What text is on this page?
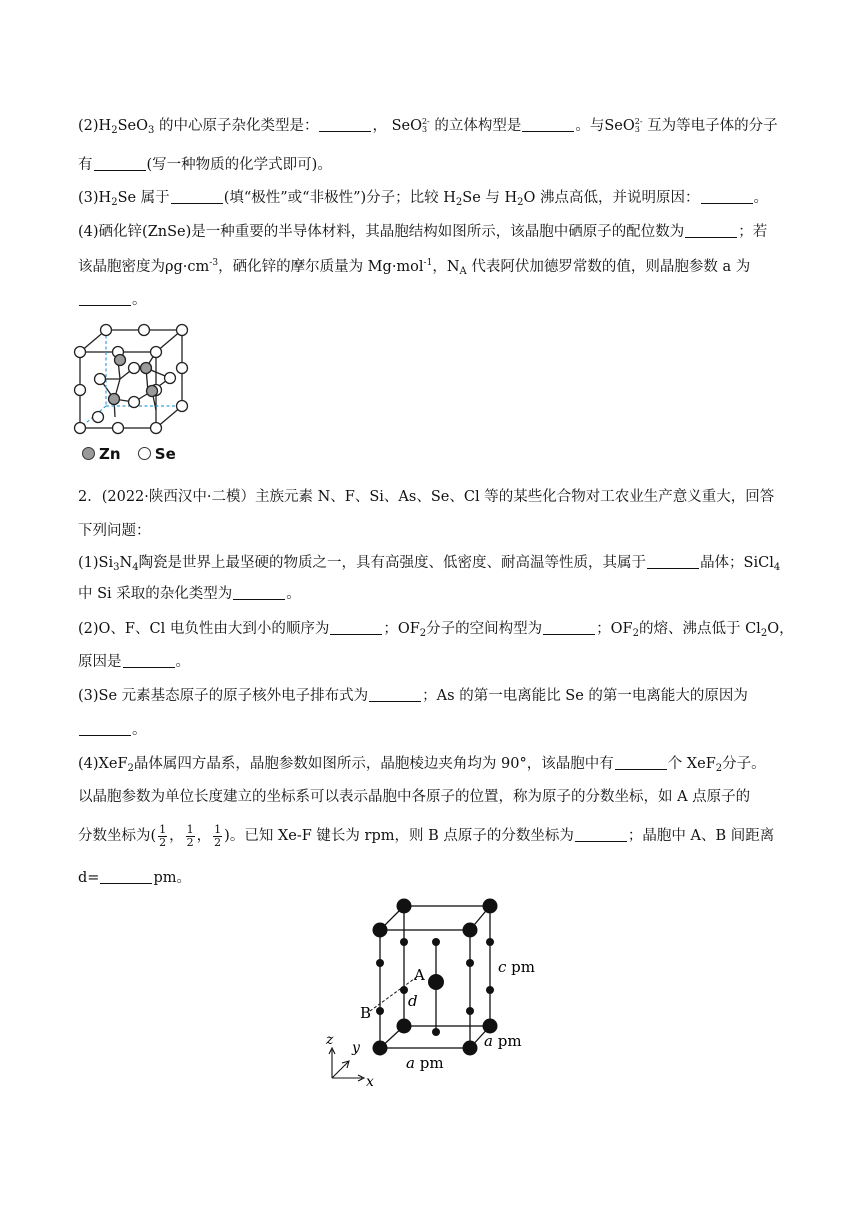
$(2)H_2SeO_3$ 的中心原子杂化类型是：	， SeO 2-
3 的立体构型是	。与SeO 2-
3 互为等电子体的分子
有	(写一种物质的化学式即可)。
$(3)H_2Se$ 属于	(填“极性”或“非极性”)分子；比较 $H_2Se$ 与 $H_2O$ 沸点高低，并说明原因：	。
(4)硒化锌(ZnSe)是一种重要的半导体材料，其晶胞结构如图所示，该晶胞中硒原子的配位数为	；若
该晶胞密度为$\rho g\cdot cm^{-3}$，硒化锌的摩尔质量为 Mg·mol$^{-1}$，$N_A$ 代表阿伏加德罗常数的值，则晶胞参数 a 为
。
Zn Se
2．(2022·陕西汉中·二模）主族元素 N、F、Si、As、Se、Cl 等的某些化合物对工农业生产意义重大，回答
下列问题：
$(1)Si_3N_4$陶瓷是世界上最坚硬的物质之一，具有高强度、低密度、耐高温等性质，其属于	晶体；SiCl$_4$
中 Si 采取的杂化类型为	。
(2)O、F、Cl 电负性由大到小的顺序为	；$OF_2$分子的空间构型为	；$OF_2$的熔、沸点低于 $Cl_2O$，
原因是	。
(3)Se 元素基态原子的原子核外电子排布式为	；As 的第一电离能比 Se 的第一电离能大的原因为
。
(4)XeF$_2$晶体属四方晶系，晶胞参数如图所示，晶胞棱边夹角均为 90°，该晶胞中有	个 XeF$_2$分子。
以晶胞参数为单位长度建立的坐标系可以表示晶胞中各原子的位置，称为原子的分数坐标，如 A 点原子的
分数坐标为( $\frac{1}{2}$ ， $\frac{1}{2}$ ， $\frac{1}{2}$ )。已知 Xe-F 键长为 rpm，则 B 点原子的分数坐标为	；晶胞中 A、B 间距离
d=	pm。
A
B
d
c pm
a pm
a pm
z y
x
